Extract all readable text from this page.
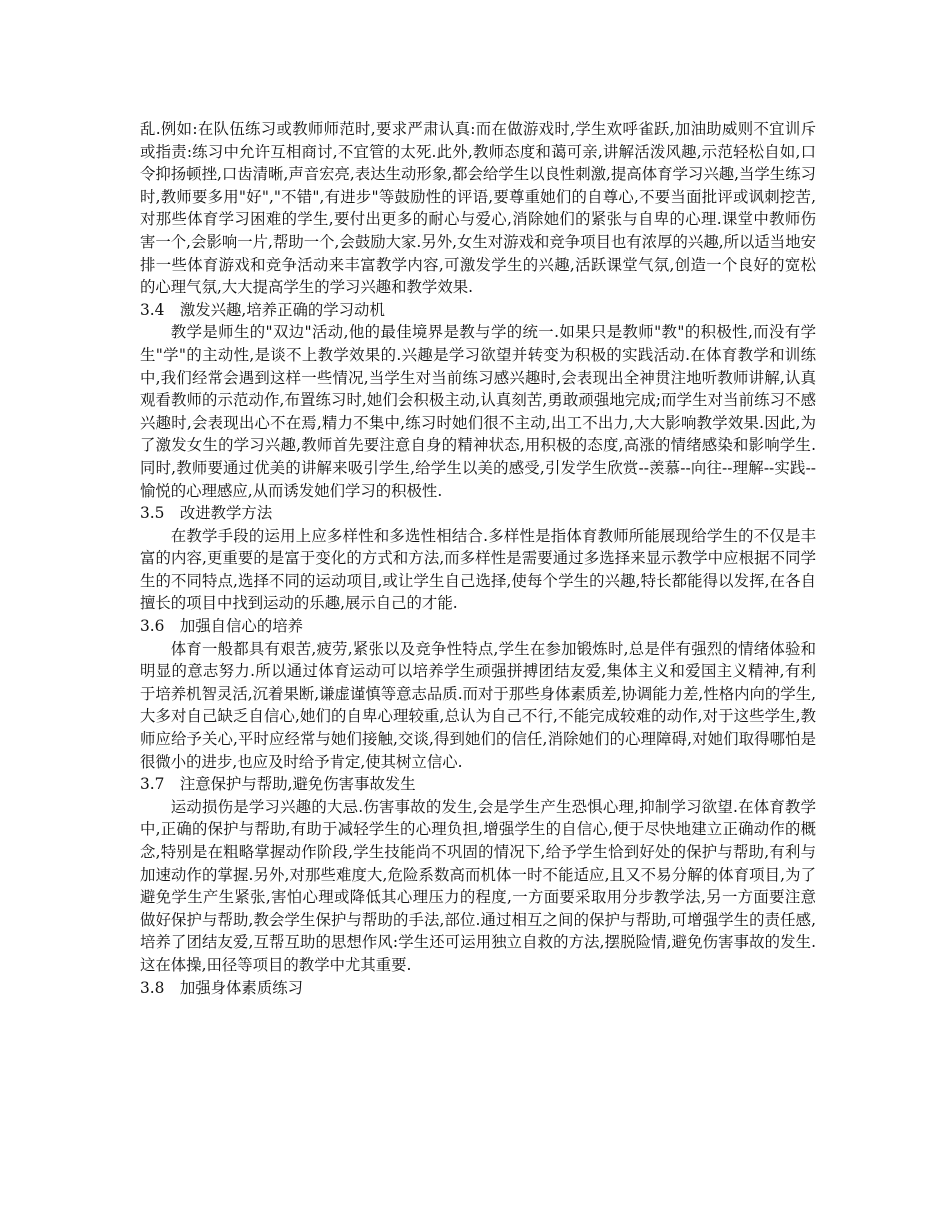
乱.例如:在队伍练习或教师师范时,要求严肃认真:而在做游戏时,学生欢呼雀跃,加油助威则不宜训斥或指责:练习中允许互相商讨,不宜管的太死.此外,教师态度和蔼可亲,讲解活泼风趣,示范轻松自如,口令抑扬顿挫,口齿清晰,声音宏亮,表达生动形象,都会给学生以良性刺激,提高体育学习兴趣,当学生练习时,教师要多用"好","不错",有进步"等鼓励性的评语,要尊重她们的自尊心,不要当面批评或讽刺挖苦,对那些体育学习困难的学生,要付出更多的耐心与爱心,消除她们的紧张与自卑的心理.课堂中教师伤害一个,会影响一片,帮助一个,会鼓励大家.另外,女生对游戏和竞争项目也有浓厚的兴趣,所以适当地安排一些体育游戏和竞争活动来丰富教学内容,可激发学生的兴趣,活跃课堂气氛,创造一个良好的宽松的心理气氛,大大提高学生的学习兴趣和教学效果.

3.4　激发兴趣,培养正确的学习动机

教学是师生的"双边"活动,他的最佳境界是教与学的统一.如果只是教师"教"的积极性,而没有学生"学"的主动性,是谈不上教学效果的.兴趣是学习欲望并转变为积极的实践活动.在体育教学和训练中,我们经常会遇到这样一些情况,当学生对当前练习感兴趣时,会表现出全神贯注地听教师讲解,认真观看教师的示范动作,布置练习时,她们会积极主动,认真刻苦,勇敢顽强地完成;而学生对当前练习不感兴趣时,会表现出心不在焉,精力不集中,练习时她们很不主动,出工不出力,大大影响教学效果.因此,为了激发女生的学习兴趣,教师首先要注意自身的精神状态,用积极的态度,高涨的情绪感染和影响学生.同时,教师要通过优美的讲解来吸引学生,给学生以美的感受,引发学生欣赏--羡慕--向往--理解--实践--愉悦的心理感应,从而诱发她们学习的积极性.

3.5　改进教学方法

在教学手段的运用上应多样性和多选性相结合.多样性是指体育教师所能展现给学生的不仅是丰富的内容,更重要的是富于变化的方式和方法,而多样性是需要通过多选择来显示教学中应根据不同学生的不同特点,选择不同的运动项目,或让学生自己选择,使每个学生的兴趣,特长都能得以发挥,在各自擅长的项目中找到运动的乐趣,展示自己的才能.

3.6　加强自信心的培养

体育一般都具有艰苦,疲劳,紧张以及竞争性特点,学生在参加锻炼时,总是伴有强烈的情绪体验和明显的意志努力.所以通过体育运动可以培养学生顽强拼搏团结友爱,集体主义和爱国主义精神,有利于培养机智灵活,沉着果断,谦虚谨慎等意志品质.而对于那些身体素质差,协调能力差,性格内向的学生,大多对自己缺乏自信心,她们的自卑心理较重,总认为自己不行,不能完成较难的动作,对于这些学生,教师应给予关心,平时应经常与她们接触,交谈,得到她们的信任,消除她们的心理障碍,对她们取得哪怕是很微小的进步,也应及时给予肯定,使其树立信心.

3.7　注意保护与帮助,避免伤害事故发生

运动损伤是学习兴趣的大忌.伤害事故的发生,会是学生产生恐惧心理,抑制学习欲望.在体育教学中,正确的保护与帮助,有助于减轻学生的心理负担,增强学生的自信心,便于尽快地建立正确动作的概念,特别是在粗略掌握动作阶段,学生技能尚不巩固的情况下,给予学生恰到好处的保护与帮助,有利与加速动作的掌握.另外,对那些难度大,危险系数高而机体一时不能适应,且又不易分解的体育项目,为了避免学生产生紧张,害怕心理或降低其心理压力的程度,一方面要采取用分步教学法,另一方面要注意做好保护与帮助,教会学生保护与帮助的手法,部位.通过相互之间的保护与帮助,可增强学生的责任感,培养了团结友爱,互帮互助的思想作风:学生还可运用独立自救的方法,摆脱险情,避免伤害事故的发生.这在体操,田径等项目的教学中尤其重要.

3.8　加强身体素质练习
